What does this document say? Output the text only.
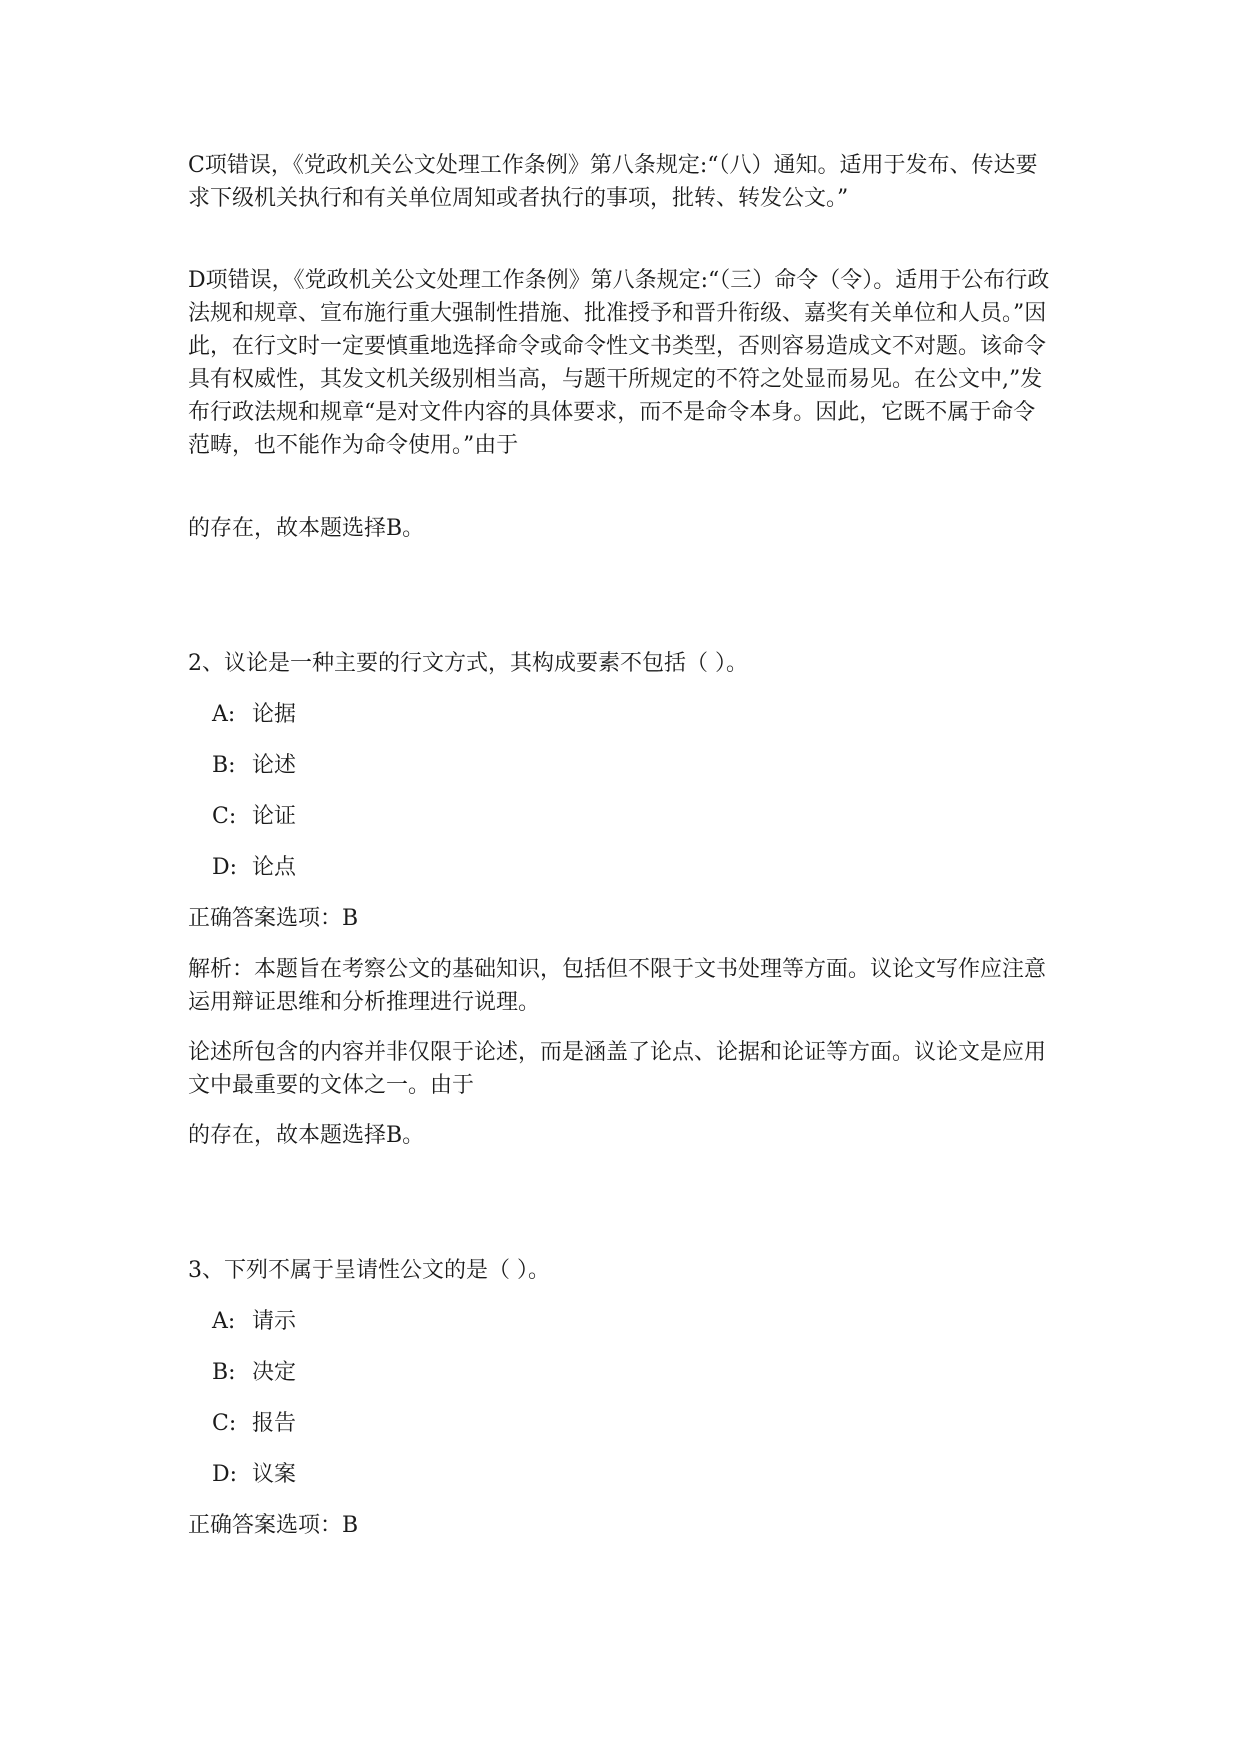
C项错误，《党政机关公文处理工作条例》第八条规定:“（八）通知。适用于发布、传达要求下级机关执行和有关单位周知或者执行的事项，批转、转发公文。”

D项错误，《党政机关公文处理工作条例》第八条规定:“（三）命令（令）。适用于公布行政法规和规章、宣布施行重大强制性措施、批准授予和晋升衔级、嘉奖有关单位和人员。”因此，在行文时一定要慎重地选择命令或命令性文书类型，否则容易造成文不对题。该命令具有权威性，其发文机关级别相当高，与题干所规定的不符之处显而易见。在公文中,”发布行政法规和规章“是对文件内容的具体要求，而不是命令本身。因此，它既不属于命令范畴，也不能作为命令使用。”由于

的存在，故本题选择B。

2、议论是一种主要的行文方式，其构成要素不包括（ ）。

A: 论据

B: 论述

C: 论证

D: 论点

正确答案选项：B

解析：本题旨在考察公文的基础知识，包括但不限于文书处理等方面。议论文写作应注意运用辩证思维和分析推理进行说理。

论述所包含的内容并非仅限于论述，而是涵盖了论点、论据和论证等方面。议论文是应用文中最重要的文体之一。由于

的存在，故本题选择B。

3、下列不属于呈请性公文的是（ ）。

A: 请示

B: 决定

C: 报告

D: 议案

正确答案选项：B
